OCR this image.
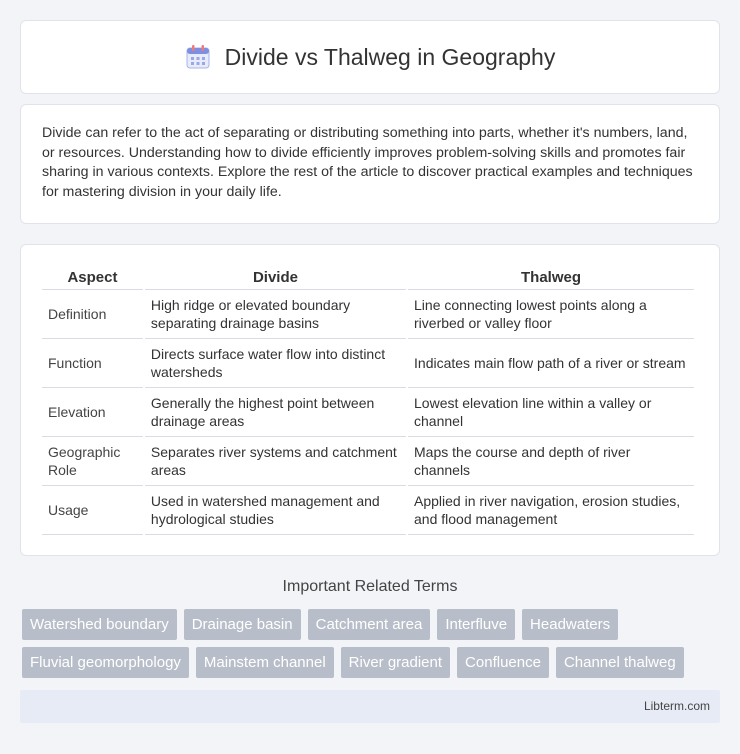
Divide vs Thalweg in Geography

Divide can refer to the act of separating or distributing something into parts, whether it's numbers, land, or resources. Understanding how to divide efficiently improves problem-solving skills and promotes fair sharing in various contexts. Explore the rest of the article to discover practical examples and techniques for mastering division in your daily life.

Aspect	Divide	Thalweg
Definition	High ridge or elevated boundary separating drainage basins	Line connecting lowest points along a riverbed or valley floor
Function	Directs surface water flow into distinct watersheds	Indicates main flow path of a river or stream
Elevation	Generally the highest point between drainage areas	Lowest elevation line within a valley or channel
Geographic Role	Separates river systems and catchment areas	Maps the course and depth of river channels
Usage	Used in watershed management and hydrological studies	Applied in river navigation, erosion studies, and flood management
Important Related Terms
Watershed boundary	Drainage basin	Catchment area	Interfluve	Headwaters
Fluvial geomorphology	Mainstem channel	River gradient	Confluence	Channel thalweg
Libterm.com
